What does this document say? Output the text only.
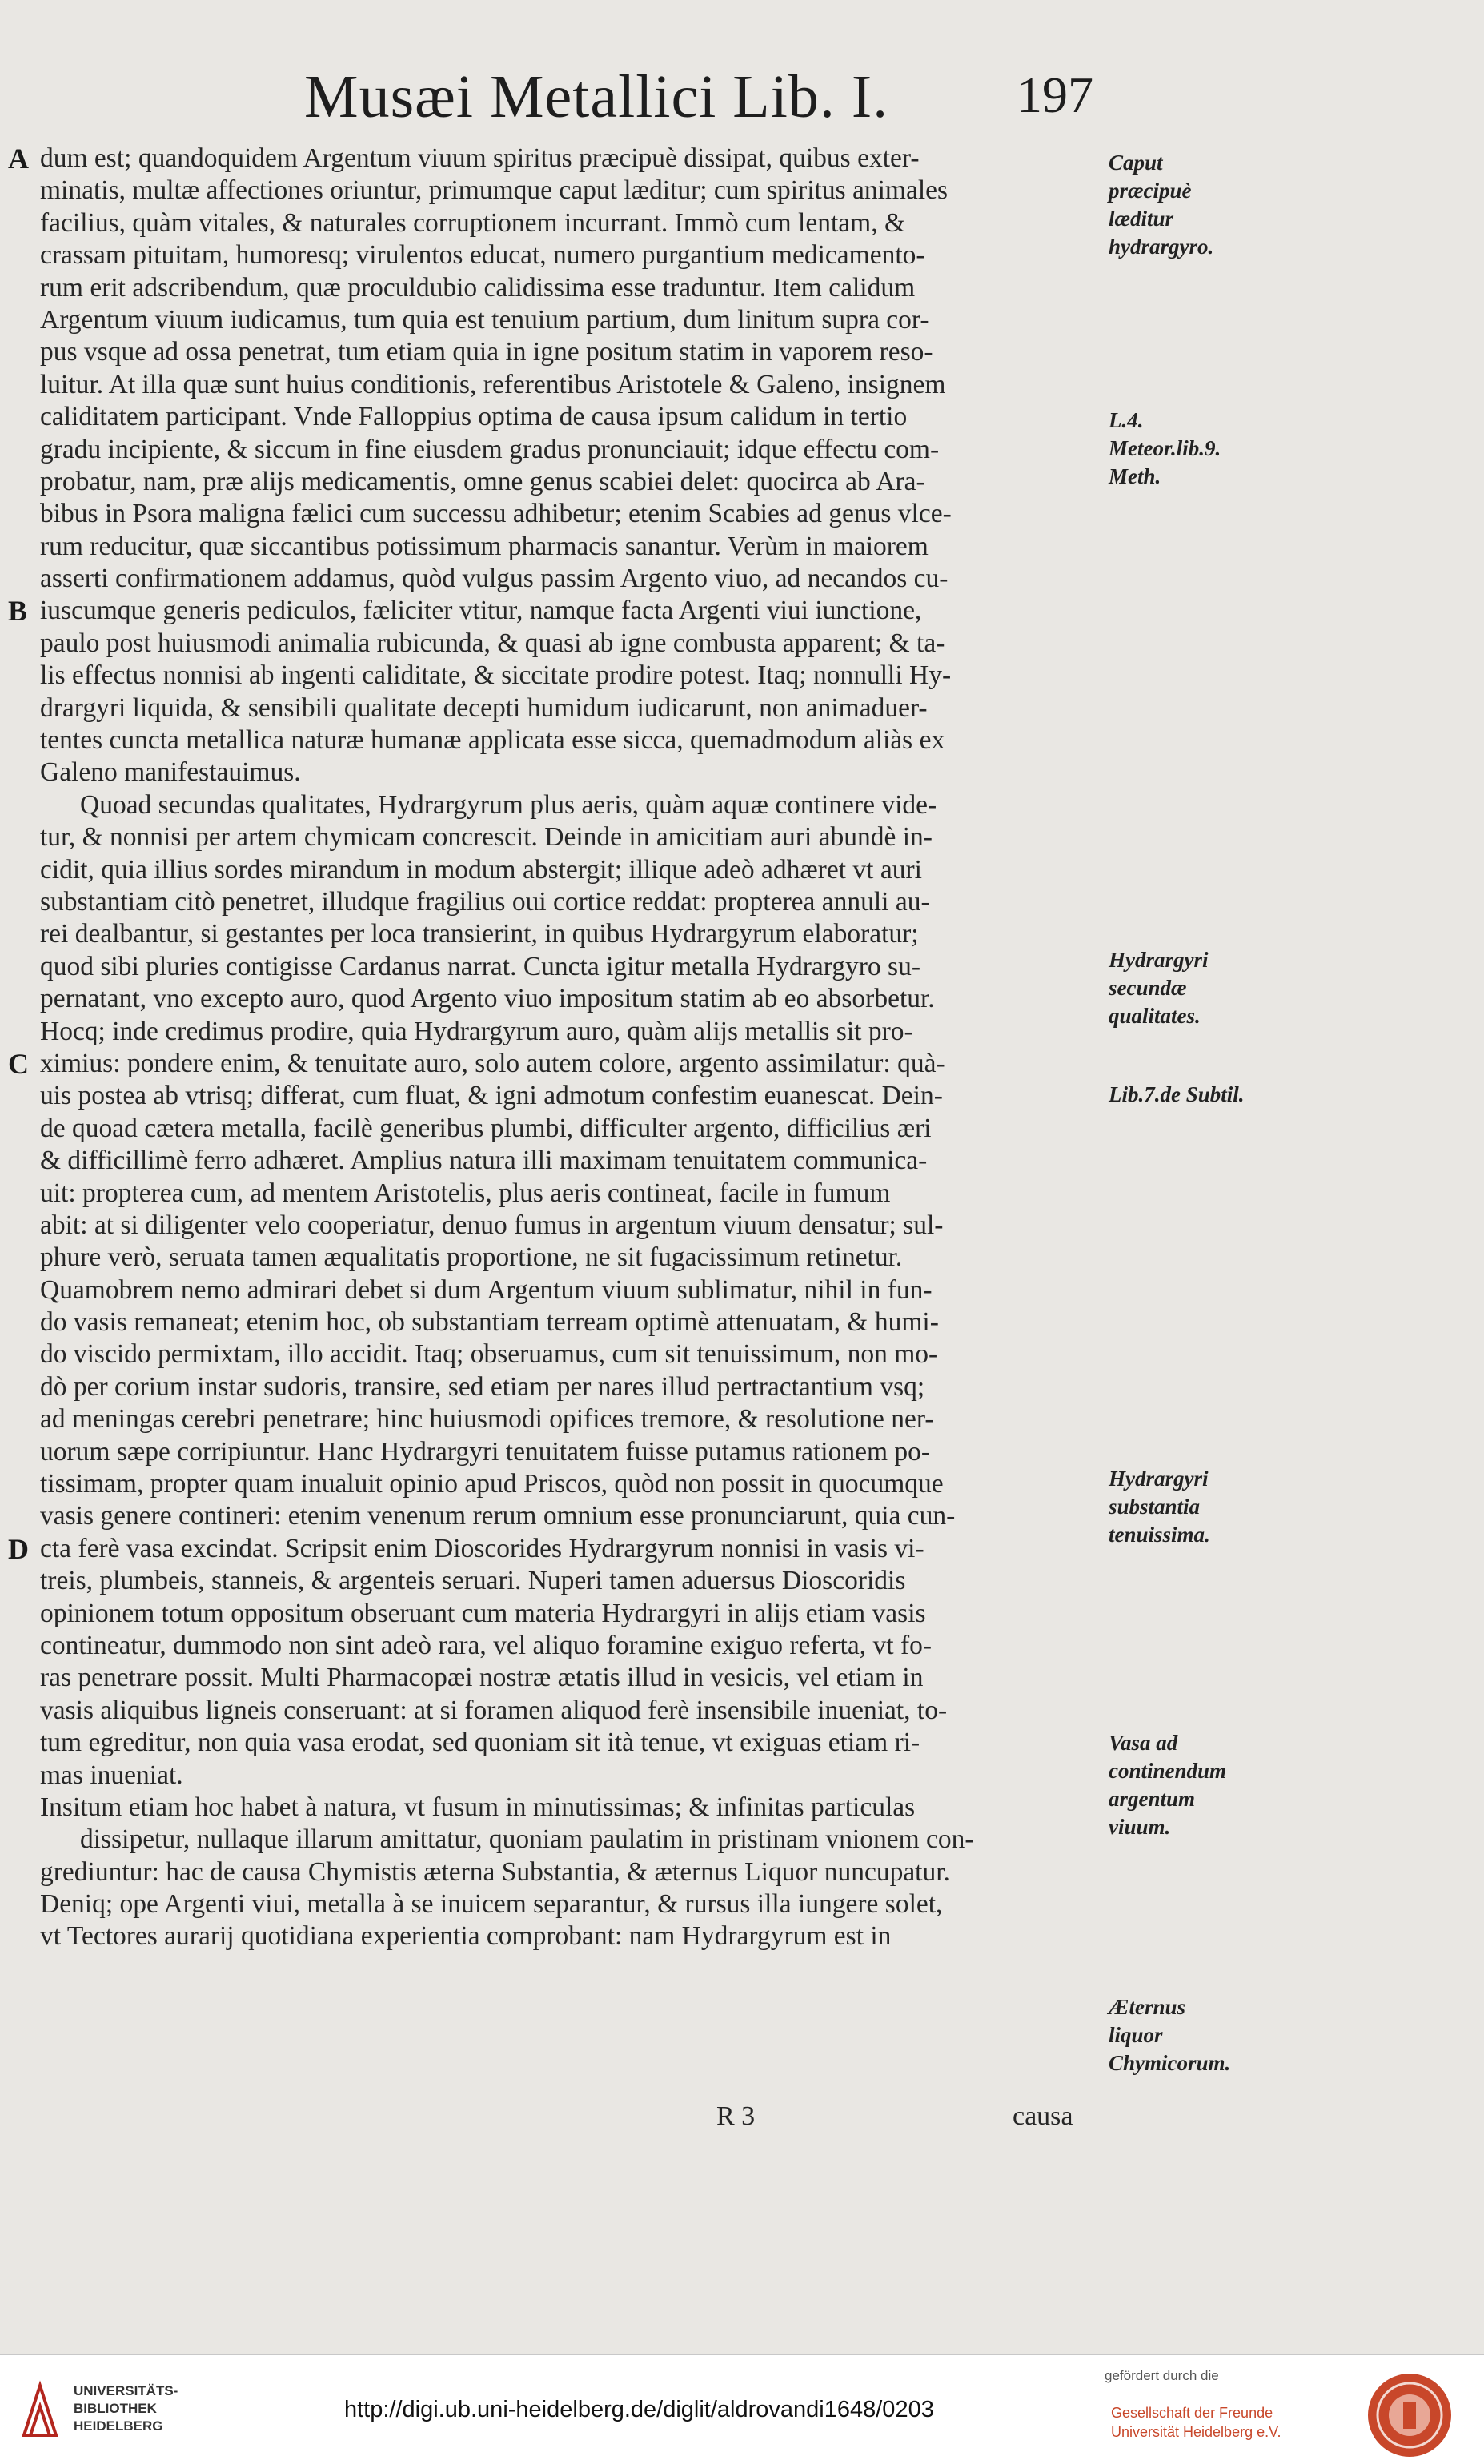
Musæi Metallici Lib. I. 197
A dum est; quandoquidem Argentum viuum spiritus præcipuè dissipat, quibus exter-
minatis, multæ affectiones oriuntur, primumque caput læditur; cum spiritus animales
facilius, quàm vitales, & naturales corruptionem incurrant. Immò cum lentam, &
crassam pituitam, humoresq; virulentos educat, numero purgantium medicamento-
rum erit adscribendum, quæ proculdubio calidissima esse traduntur. Item calidum
Argentum viuum iudicamus, tum quia est tenuium partium, dum linitum supra cor-
pus vsque ad ossa penetrat, tum etiam quia in igne positum statim in vaporem reso-
luitur. At illa quæ sunt huius conditionis, referentibus Aristotele & Galeno, insignem
caliditatem participant. Vnde Falloppius optima de causa ipsum calidum in tertio
gradu incipiente, & siccum in fine eiusdem gradus pronunciauit; idque effectu com-
probatur, nam, præ alijs medicamentis, omne genus scabiei delet: quocirca ab Ara-
bibus in Psora maligna fælici cum successu adhibetur; etenim Scabies ad genus vlce-
rum reducitur, quæ siccantibus potissimum pharmacis sanantur. Verùm in maiorem
asserti confirmationem addamus, quòd vulgus passim Argento viuo, ad necandos cu-
B iuscumque generis pediculos, fæliciter vtitur, namque facta Argenti viui iunctione,
paulo post huiusmodi animalia rubicunda, & quasi ab igne combusta apparent; & ta-
lis effectus nonnisi ab ingenti caliditate, & siccitate prodire potest. Itaq; nonnulli Hy-
drargyri liquida, & sensibili qualitate decepti humidum iudicarunt, non animaduer-
tentes cuncta metallica naturæ humanæ applicata esse sicca, quemadmodum aliàs ex
Galeno manifestauimus.
Quoad secundas qualitates, Hydrargyrum plus aeris, quàm aquæ continere vide-
tur, & nonnisi per artem chymicam concrescit. Deinde in amicitiam auri abundè in-
cidit, quia illius sordes mirandum in modum abstergit; illique adeò adhæret vt auri
substantiam citò penetret, illudque fragilius oui cortice reddat: propterea annuli au-
rei dealbantur, si gestantes per loca transierint, in quibus Hydrargyrum elaboratur;
quod sibi pluries contigisse Cardanus narrat. Cuncta igitur metalla Hydrargyro su-
pernatant, vno excepto auro, quod Argento viuo impositum statim ab eo absorbetur.
Hocq; inde credimus prodire, quia Hydrargyrum auro, quàm alijs metallis sit pro-
C ximius: pondere enim, & tenuitate auro, solo autem colore, argento assimilatur: quà-
uis postea ab vtrisq; differat, cum fluat, & igni admotum confestim euanescat. Dein-
de quoad cætera metalla, facilè generibus plumbi, difficulter argento, difficilius æri
& difficillimè ferro adhæret. Amplius natura illi maximam tenuitatem communica-
uit: propterea cum, ad mentem Aristotelis, plus aeris contineat, facile in fumum
abit: at si diligenter velo cooperiatur, denuo fumus in argentum viuum densatur; sul-
phure verò, seruata tamen æqualitatis proportione, ne sit fugacissimum retinetur.
Quamobrem nemo admirari debet si dum Argentum viuum sublimatur, nihil in fun-
do vasis remaneat; etenim hoc, ob substantiam terream optimè attenuatam, & humi-
do viscido permixtam, illo accidit. Itaq; obseruamus, cum sit tenuissimum, non mo-
dò per corium instar sudoris, transire, sed etiam per nares illud pertractantium vsq;
ad meningas cerebri penetrare; hinc huiusmodi opifices tremore, & resolutione ner-
uorum sæpe corripiuntur. Hanc Hydrargyri tenuitatem fuisse putamus rationem po-
tissimam, propter quam inualuit opinio apud Priscos, quòd non possit in quocumque
vasis genere contineri: etenim venenum rerum omnium esse pronunciarunt, quia cun-
D cta ferè vasa excindat. Scripsit enim Dioscorides Hydrargyrum nonnisi in vasis vi-
treis, plumbeis, stanneis, & argenteis seruari. Nuperi tamen aduersus Dioscoridis
opinionem totum oppositum obseruant cum materia Hydrargyri in alijs etiam vasis
contineatur, dummodo non sint adeò rara, vel aliquo foramine exiguo referta, vt fo-
ras penetrare possit. Multi Pharmacopæi nostræ ætatis illud in vesicis, vel etiam in
vasis aliquibus ligneis conseruant: at si foramen aliquod ferè insensibile inueniat, to-
tum egreditur, non quia vasa erodat, sed quoniam sit ità tenue, vt exiguas etiam ri-
mas inueniat.
Insitum etiam hoc habet à natura, vt fusum in minutissimas; & infinitas particulas
dissipetur, nullaque illarum amittatur, quoniam paulatim in pristinam vnionem con-
grediuntur: hac de causa Chymistis æterna Substantia, & æternus Liquor nuncupatur.
Deniq; ope Argenti viui, metalla à se inuicem separantur, & rursus illa iungere solet,
vt Tectores aurarij quotidiana experientia comprobant: nam Hydrargyrum est in
Caput præcipuè læditur hydrargyro.
L.4. Meteor.lib.9. Meth.
Hydrargyri secundæ qualitates.
Lib.7.de Subtil.
Hydrargyri substantia tenuissima.
Vasa ad continendum argentum viuum.
Æternus liquor Chymicorum.
R 3	causa
UNIVERSITÄTS-
BIBLIOTHEK
HEIDELBERG
http://digi.ub.uni-heidelberg.de/diglit/aldrovandi1648/0203
gefördert durch die
Gesellschaft der Freunde
Universität Heidelberg e.V.
